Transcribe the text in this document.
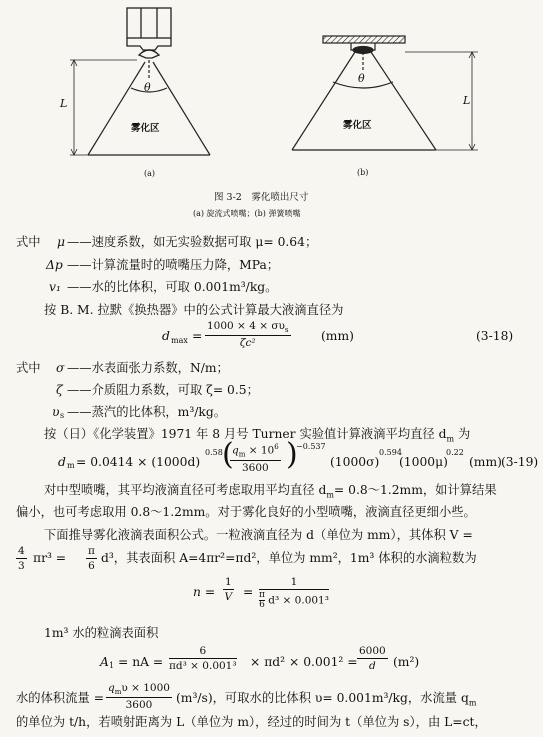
θ
L
雾化区
(a)
θ
L
雾化区
(b)
图 3-2　雾化喷出尺寸
(a) 旋流式喷嘴；(b) 弹簧喷嘴
式中 μ ——速度系数，如无实验数据可取 μ= 0.64；
Δp ——计算流量时的喷嘴压力降，MPa；
v₁ ——水的比体积，可取 0.001m³/kg。
按 B. M. 拉默《换热器》中的公式计算最大液滴直径为
d max =
$1000 \times 4 \times \sigma\upsilon_s$
ζc²
(mm)	(3-18)
式中 σ ——水表面张力系数，N/m；
ζ ——介质阻力系数，可取 ζ= 0.5；
υ s ——蒸汽的比体积，m³/kg。
按（日）《化学装置》1971 年 8 月号 Turner 实验值计算液滴平均直径 $d_m$ 为
d m = 0.0414 × (1000d)
0.58 (
$\frac{q_m \times 10^6}{3600}$ )
−0.537
(1000σ)
0.594
(1000μ)
0.22
(mm) (3-19)
对中型喷嘴，其平均液滴直径可考虑取用平均直径 $d_m=$ 0.8～1.2mm，如计算结果
偏小，也可考虑取用 0.8～1.2mm。对于雾化良好的小型喷嘴，液滴直径更细小些。
下面推导雾化液滴表面积公式。一粒液滴直径为 d（单位为 mm），其体积 V =
$\frac{4}{3} \pi r^3 = \frac{\pi}{6} d^3$，其表面积 A=4πr²=πd²，单位为 mm²，1m³ 体积的水滴粒数为
$n = \frac{1}{V} = \frac{1}{\frac{\pi}{6} d^3 \times 0.001^3}$
1m³ 水的粒滴表面积
A 1 = nA = $\frac{6}{\text{πd³ × 0.001³}} \times \pi d^2 \times 0.001^2 = \frac{6000}{d} (m^2)$
水的体积流量 =
$q_m\upsilon \times 1000$
3600
(m³/s)，可取水的比体积 υ= 0.001m³/kg，水流量 $q_m$
的单位为 t/h，若喷射距离为 L（单位为 m），经过的时间为 t（单位为 s），由 L=ct，
